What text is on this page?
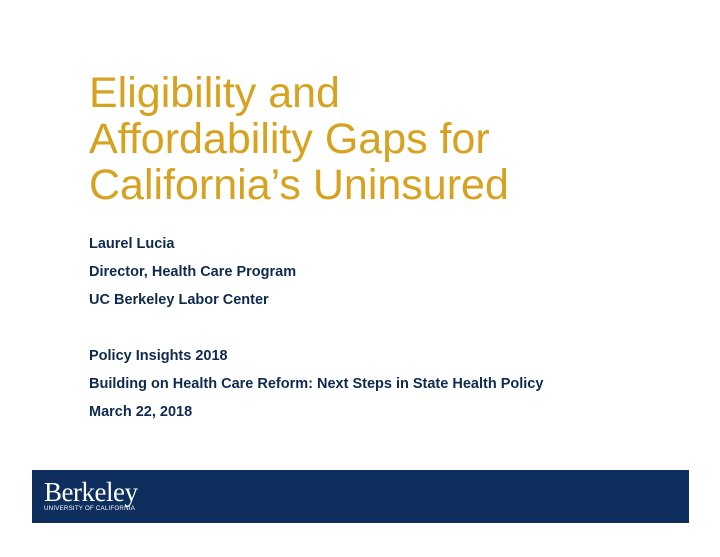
Eligibility and
Affordability Gaps for
California’s Uninsured
Laurel Lucia
Director, Health Care Program
UC Berkeley Labor Center
Policy Insights 2018
Building on Health Care Reform: Next Steps in State Health Policy
March 22, 2018
Berkeley
UNIVERSITY OF CALIFORNIA
